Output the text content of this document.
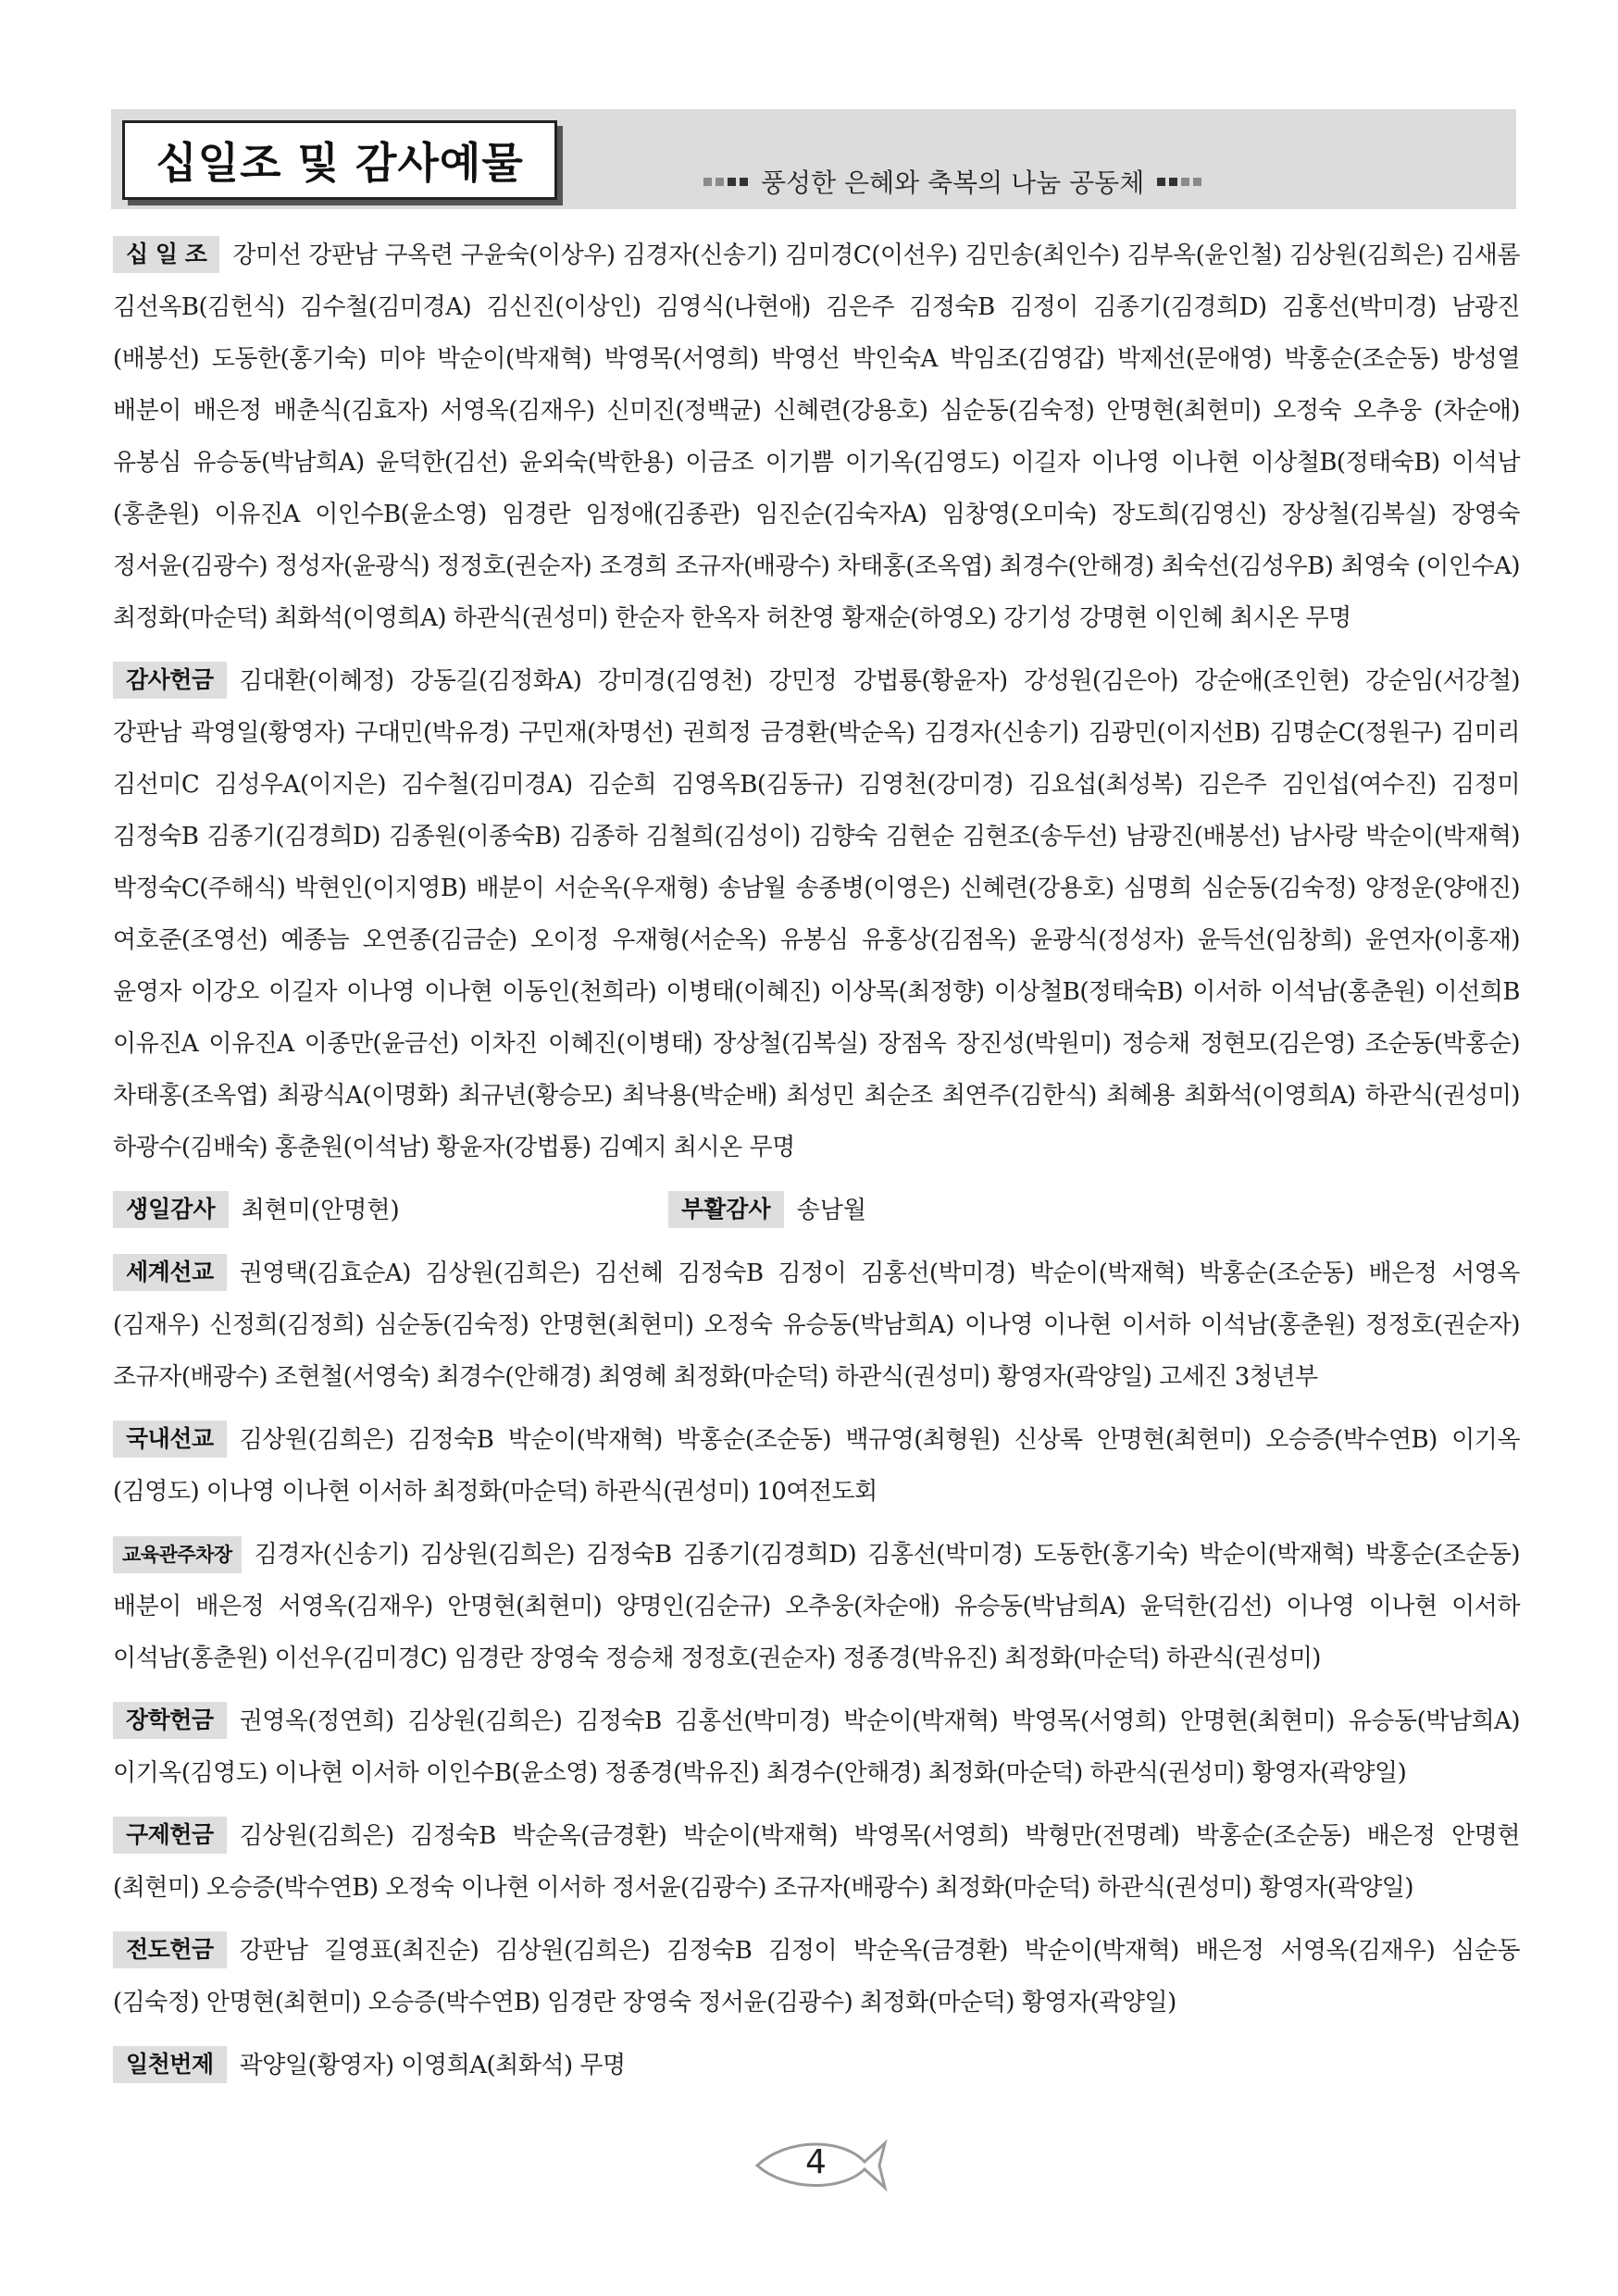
십일조 및 감사예물	풍성한 은혜와 축복의 나눔 공동체
십 일 조 강미선 강판남 구옥련 구윤숙(이상우) 김경자(신송기) 김미경C(이선우) 김민송(최인수) 김부옥(윤인철) 김상원(김희은) 김새롬 김선옥B(김헌식) 김수철(김미경A) 김신진(이상인) 김영식(나현애) 김은주 김정숙B 김정이 김종기(김경희D) 김홍선(박미경) 남광진(배봉선) 도동한(홍기숙) 미야 박순이(박재혁) 박영목(서영희) 박영선 박인숙A 박임조(김영갑) 박제선(문애영) 박홍순(조순동) 방성열 배분이 배은정 배춘식(김효자) 서영옥(김재우) 신미진(정백균) 신혜련(강용호) 심순동(김숙정) 안명현(최현미) 오정숙 오추웅 (차순애) 유봉심 유승동(박남희A) 윤덕한(김선) 윤외숙(박한용) 이금조 이기쁨 이기옥(김영도) 이길자 이나영 이나현 이상철B(정태숙B) 이석남(홍춘원) 이유진A 이인수B(윤소영) 임경란 임정애(김종관) 임진순(김숙자A) 임창영(오미숙) 장도희(김영신) 장상철(김복실) 장영숙 정서윤(김광수) 정성자(윤광식) 정정호(권순자) 조경희 조규자(배광수) 차태홍(조옥엽) 최경수(안해경) 최숙선(김성우B) 최영숙 (이인수A) 최정화(마순덕) 최화석(이영희A) 하관식(권성미) 한순자 한옥자 허찬영 황재순(하영오) 강기성 강명현 이인혜 최시온 무명
감사헌금 김대환(이혜정) 강동길(김정화A) 강미경(김영천) 강민정 강법룡(황윤자) 강성원(김은아) 강순애(조인현) 강순임(서강철) 강판남 곽영일(황영자) 구대민(박유경) 구민재(차명선) 권희정 금경환(박순옥) 김경자(신송기) 김광민(이지선B) 김명순C(정원구) 김미리 김선미C 김성우A(이지은) 김수철(김미경A) 김순희 김영옥B(김동규) 김영천(강미경) 김요섭(최성복) 김은주 김인섭(여수진) 김정미 김정숙B 김종기(김경희D) 김종원(이종숙B) 김종하 김철희(김성이) 김향숙 김현순 김현조(송두선) 남광진(배봉선) 남사랑 박순이(박재혁) 박정숙C(주해식) 박현인(이지영B) 배분이 서순옥(우재형) 송남월 송종병(이영은) 신혜련(강용호) 심명희 심순동(김숙정) 양정운(양애진) 여호준(조영선) 예종늠 오연종(김금순) 오이정 우재형(서순옥) 유봉심 유홍상(김점옥) 윤광식(정성자) 윤득선(임창희) 윤연자(이홍재) 윤영자 이강오 이길자 이나영 이나현 이동인(천희라) 이병태(이혜진) 이상목(최정향) 이상철B(정태숙B) 이서하 이석남(홍춘원) 이선희B 이유진A 이유진A 이종만(윤금선) 이차진 이혜진(이병태) 장상철(김복실) 장점옥 장진성(박원미) 정승채 정현모(김은영) 조순동(박홍순) 차태홍(조옥엽) 최광식A(이명화) 최규년(황승모) 최낙용(박순배) 최성민 최순조 최연주(김한식) 최혜용 최화석(이영희A) 하관식(권성미) 하광수(김배숙) 홍춘원(이석남) 황윤자(강법룡) 김예지 최시온 무명
생일감사 최현미(안명현)	부활감사 송남월
세계선교 권영택(김효순A) 김상원(김희은) 김선혜 김정숙B 김정이 김홍선(박미경) 박순이(박재혁) 박홍순(조순동) 배은정 서영옥 (김재우) 신정희(김정희) 심순동(김숙정) 안명현(최현미) 오정숙 유승동(박남희A) 이나영 이나현 이서하 이석남(홍춘원) 정정호(권순자) 조규자(배광수) 조현철(서영숙) 최경수(안해경) 최영혜 최정화(마순덕) 하관식(권성미) 황영자(곽양일) 고세진 3청년부
국내선교 김상원(김희은) 김정숙B 박순이(박재혁) 박홍순(조순동) 백규영(최형원) 신상록 안명현(최현미) 오승증(박수연B) 이기옥 (김영도) 이나영 이나현 이서하 최정화(마순덕) 하관식(권성미) 10여전도회
교육관주차장 김경자(신송기) 김상원(김희은) 김정숙B 김종기(김경희D) 김홍선(박미경) 도동한(홍기숙) 박순이(박재혁) 박홍순(조순동) 배분이 배은정 서영옥(김재우) 안명현(최현미) 양명인(김순규) 오추웅(차순애) 유승동(박남희A) 윤덕한(김선) 이나영 이나현 이서하 이석남(홍춘원) 이선우(김미경C) 임경란 장영숙 정승채 정정호(권순자) 정종경(박유진) 최정화(마순덕) 하관식(권성미)
장학헌금 권영옥(정연희) 김상원(김희은) 김정숙B 김홍선(박미경) 박순이(박재혁) 박영목(서영희) 안명현(최현미) 유승동(박남희A) 이기옥(김영도) 이나현 이서하 이인수B(윤소영) 정종경(박유진) 최경수(안해경) 최정화(마순덕) 하관식(권성미) 황영자(곽양일)
구제헌금 김상원(김희은) 김정숙B 박순옥(금경환) 박순이(박재혁) 박영목(서영희) 박형만(전명례) 박홍순(조순동) 배은정 안명현 (최현미) 오승증(박수연B) 오정숙 이나현 이서하 정서윤(김광수) 조규자(배광수) 최정화(마순덕) 하관식(권성미) 황영자(곽양일)
전도헌금 강판남 길영표(최진순) 김상원(김희은) 김정숙B 김정이 박순옥(금경환) 박순이(박재혁) 배은정 서영옥(김재우) 심순동 (김숙정) 안명현(최현미) 오승증(박수연B) 임경란 장영숙 정서윤(김광수) 최정화(마순덕) 황영자(곽양일)
일천번제 곽양일(황영자) 이영희A(최화석) 무명
4
